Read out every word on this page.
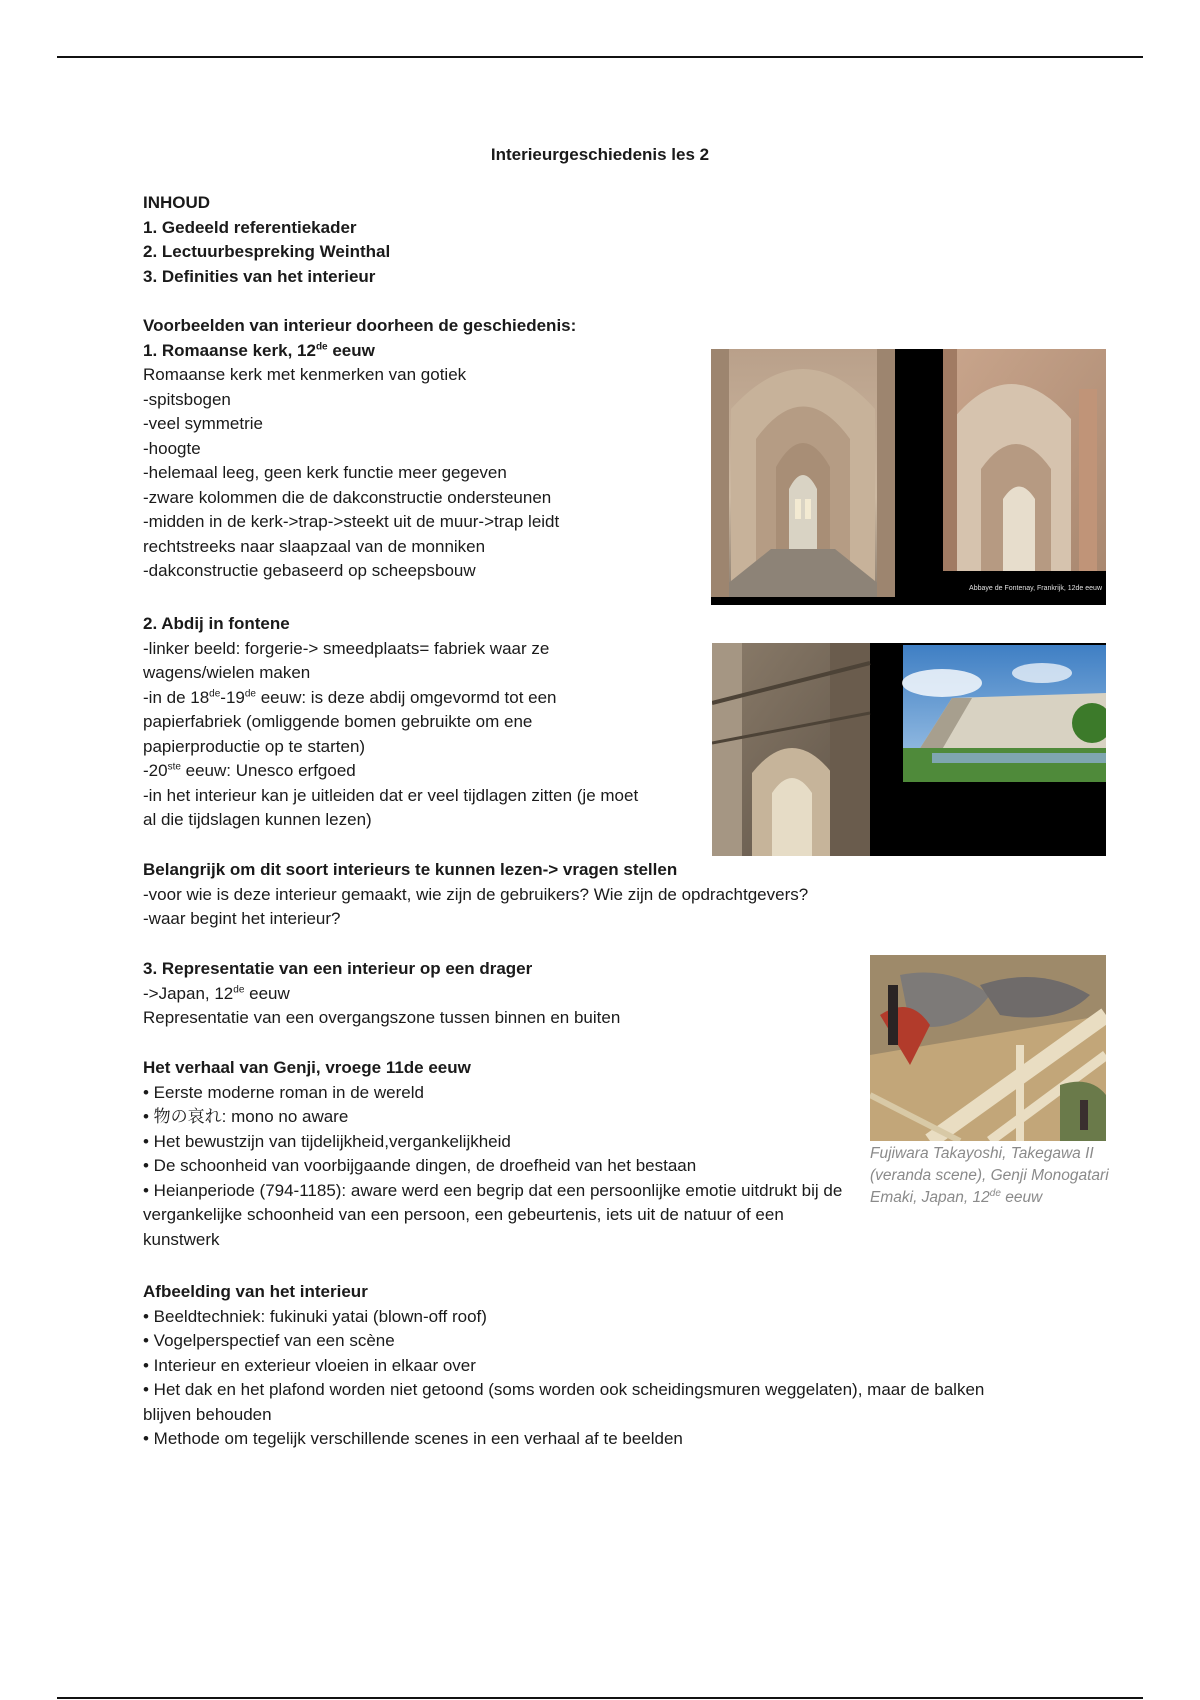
Interieurgeschiedenis les 2
INHOUD
1. Gedeeld referentiekader
2. Lectuurbespreking Weinthal
3. Definities van het interieur
Voorbeelden van interieur doorheen de geschiedenis:
1. Romaanse kerk, 12de eeuw
Romaanse kerk met kenmerken van gotiek
-spitsbogen
-veel symmetrie
-hoogte
-helemaal leeg, geen kerk functie meer gegeven
-zware kolommen die de dakconstructie ondersteunen
-midden in de kerk->trap->steekt uit de muur->trap leidt
rechtstreeks naar slaapzaal van de monniken
-dakconstructie gebaseerd op scheepsbouw
Abbaye de Fontenay, Frankrijk, 12de eeuw
2. Abdij in fontene
-linker beeld: forgerie-> smeedplaats= fabriek waar ze
wagens/wielen maken
-in de 18de-19de eeuw: is deze abdij omgevormd tot een
papierfabriek (omliggende bomen gebruikte om ene
papierproductie op te starten)
-20ste eeuw: Unesco erfgoed
-in het interieur kan je uitleiden dat er veel tijdlagen zitten (je moet
al die tijdslagen kunnen lezen)
Belangrijk om dit soort interieurs te kunnen lezen-> vragen stellen
-voor wie is deze interieur gemaakt, wie zijn de gebruikers? Wie zijn de opdrachtgevers?
-waar begint het interieur?
3. Representatie van een interieur op een drager
->Japan, 12de eeuw
Representatie van een overgangszone tussen binnen en buiten
Het verhaal van Genji, vroege 11de eeuw
• Eerste moderne roman in de wereld
• 物の哀れ: mono no aware
• Het bewustzijn van tijdelijkheid,vergankelijkheid
• De schoonheid van voorbijgaande dingen, de droefheid van het bestaan
• Heianperiode (794-1185): aware werd een begrip dat een persoonlijke emotie uitdrukt bij de vergankelijke schoonheid van een persoon, een gebeurtenis, iets uit de natuur of een kunstwerk
Fujiwara Takayoshi, Takegawa II (veranda scene), Genji Monogatari Emaki, Japan, 12de eeuw
Afbeelding van het interieur
• Beeldtechniek: fukinuki yatai (blown-off roof)
• Vogelperspectief van een scène
• Interieur en exterieur vloeien in elkaar over
• Het dak en het plafond worden niet getoond (soms worden ook scheidingsmuren weggelaten), maar de balken blijven behouden
• Methode om tegelijk verschillende scenes in een verhaal af te beelden
